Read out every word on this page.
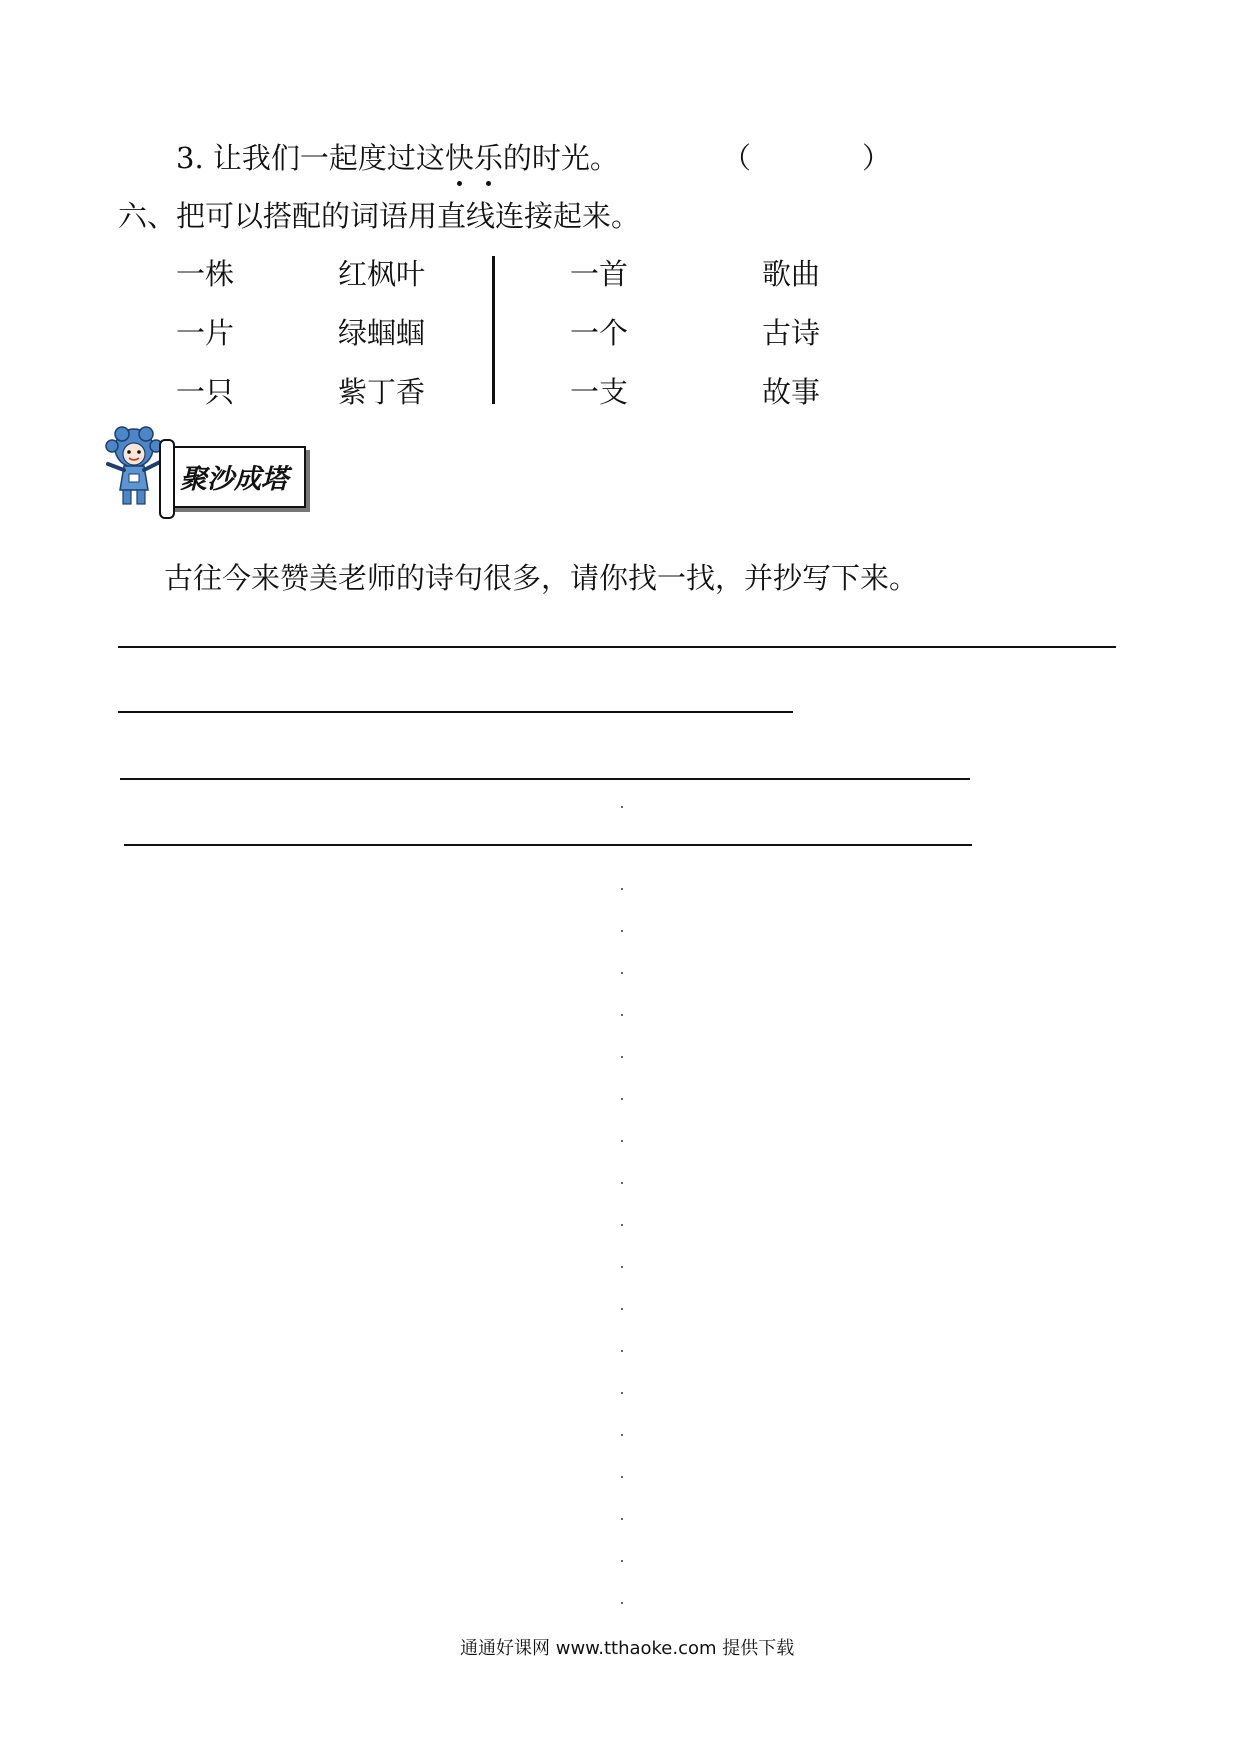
3. 让我们一起度过这快乐的时光。	（	）
六、把可以搭配的词语用直线连接起来。
一株
一片
一只
红枫叶
绿蝈蝈
紫丁香
一首
一个
一支
歌曲
古诗
故事
聚沙成塔
古往今来赞美老师的诗句很多，请你找一找，并抄写下来。
通通好课网 www.tthaoke.com 提供下载
